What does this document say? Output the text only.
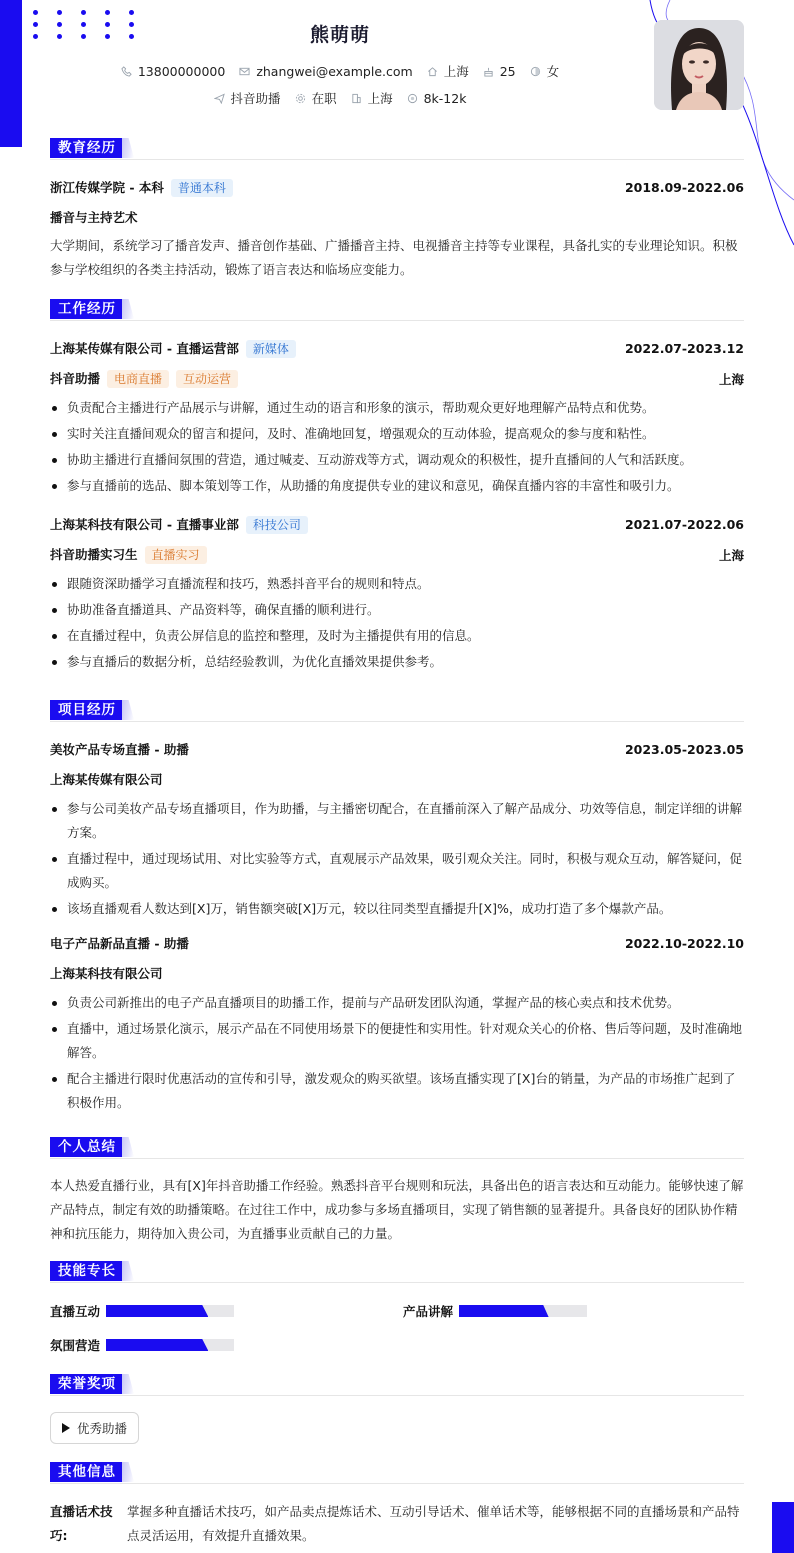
熊萌萌
13800000000 zhangwei@example.com 上海 25 女
抖音助播 在职 上海 8k-12k
教育经历
浙江传媒学院 - 本科 普通本科	2018.09-2022.06
播音与主持艺术
大学期间，系统学习了播音发声、播音创作基础、广播播音主持、电视播音主持等专业课程，具备扎实的专业理论知识。积极参与学校组织的各类主持活动，锻炼了语言表达和临场应变能力。
工作经历
上海某传媒有限公司 - 直播运营部 新媒体	2022.07-2023.12
抖音助播 电商直播 互动运营	上海
负责配合主播进行产品展示与讲解，通过生动的语言和形象的演示，帮助观众更好地理解产品特点和优势。
实时关注直播间观众的留言和提问，及时、准确地回复，增强观众的互动体验，提高观众的参与度和粘性。
协助主播进行直播间氛围的营造，通过喊麦、互动游戏等方式，调动观众的积极性，提升直播间的人气和活跃度。
参与直播前的选品、脚本策划等工作，从助播的角度提供专业的建议和意见，确保直播内容的丰富性和吸引力。
上海某科技有限公司 - 直播事业部 科技公司	2021.07-2022.06
抖音助播实习生 直播实习	上海
跟随资深助播学习直播流程和技巧，熟悉抖音平台的规则和特点。
协助准备直播道具、产品资料等，确保直播的顺利进行。
在直播过程中，负责公屏信息的监控和整理，及时为主播提供有用的信息。
参与直播后的数据分析，总结经验教训，为优化直播效果提供参考。
项目经历
美妆产品专场直播 - 助播	2023.05-2023.05
上海某传媒有限公司
参与公司美妆产品专场直播项目，作为助播，与主播密切配合，在直播前深入了解产品成分、功效等信息，制定详细的讲解方案。
直播过程中，通过现场试用、对比实验等方式，直观展示产品效果，吸引观众关注。同时，积极与观众互动，解答疑问，促成购买。
该场直播观看人数达到[X]万，销售额突破[X]万元，较以往同类型直播提升[X]%，成功打造了多个爆款产品。
电子产品新品直播 - 助播	2022.10-2022.10
上海某科技有限公司
负责公司新推出的电子产品直播项目的助播工作，提前与产品研发团队沟通，掌握产品的核心卖点和技术优势。
直播中，通过场景化演示，展示产品在不同使用场景下的便捷性和实用性。针对观众关心的价格、售后等问题，及时准确地解答。
配合主播进行限时优惠活动的宣传和引导，激发观众的购买欲望。该场直播实现了[X]台的销量，为产品的市场推广起到了积极作用。
个人总结
本人热爱直播行业，具有[X]年抖音助播工作经验。熟悉抖音平台规则和玩法，具备出色的语言表达和互动能力。能够快速了解产品特点，制定有效的助播策略。在过往工作中，成功参与多场直播项目，实现了销售额的显著提升。具备良好的团队协作精神和抗压能力，期待加入贵公司，为直播事业贡献自己的力量。
技能专长
直播互动	产品讲解
氛围营造
荣誉奖项
优秀助播
其他信息
直播话术技巧:
掌握多种直播话术技巧，如产品卖点提炼话术、互动引导话术、催单话术等，能够根据不同的直播场景和产品特点灵活运用，有效提升直播效果。
